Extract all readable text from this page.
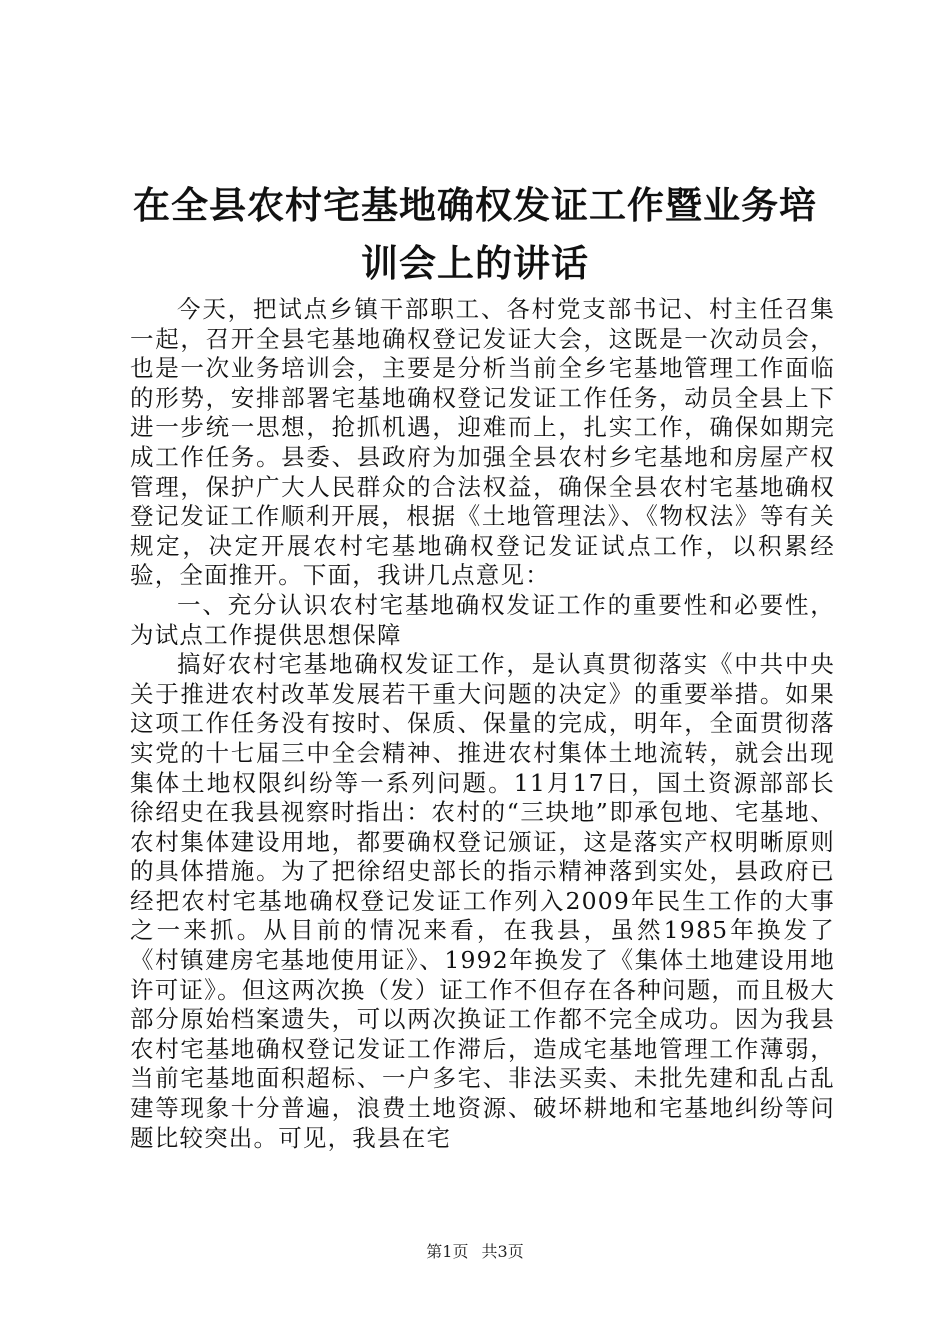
在全县农村宅基地确权发证工作暨业务培训会上的讲话

今天，把试点乡镇干部职工、各村党支部书记、村主任召集一起，召开全县宅基地确权登记发证大会，这既是一次动员会，也是一次业务培训会，主要是分析当前全乡宅基地管理工作面临的形势，安排部署宅基地确权登记发证工作任务，动员全县上下进一步统一思想，抢抓机遇，迎难而上，扎实工作，确保如期完成工作任务。县委、县政府为加强全县农村乡宅基地和房屋产权管理，保护广大人民群众的合法权益，确保全县农村宅基地确权登记发证工作顺利开展，根据《土地管理法》、《物权法》等有关规定，决定开展农村宅基地确权登记发证试点工作，以积累经验，全面推开。下面，我讲几点意见：

一、充分认识农村宅基地确权发证工作的重要性和必要性，为试点工作提供思想保障

搞好农村宅基地确权发证工作，是认真贯彻落实《中共中央关于推进农村改革发展若干重大问题的决定》的重要举措。如果这项工作任务没有按时、保质、保量的完成，明年，全面贯彻落实党的十七届三中全会精神、推进农村集体土地流转，就会出现集体土地权限纠纷等一系列问题。11月17日，国土资源部部长徐绍史在我县视察时指出：农村的“三块地”即承包地、宅基地、农村集体建设用地，都要确权登记颁证，这是落实产权明晰原则的具体措施。为了把徐绍史部长的指示精神落到实处，县政府已经把农村宅基地确权登记发证工作列入2009年民生工作的大事之一来抓。从目前的情况来看，在我县，虽然1985年换发了《村镇建房宅基地使用证》、1992年换发了《集体土地建设用地许可证》。但这两次换（发）证工作不但存在各种问题，而且极大部分原始档案遗失，可以两次换证工作都不完全成功。因为我县农村宅基地确权登记发证工作滞后，造成宅基地管理工作薄弱，当前宅基地面积超标、一户多宅、非法买卖、未批先建和乱占乱建等现象十分普遍，浪费土地资源、破坏耕地和宅基地纠纷等问题比较突出。可见，我县在宅

第1页 共3页
